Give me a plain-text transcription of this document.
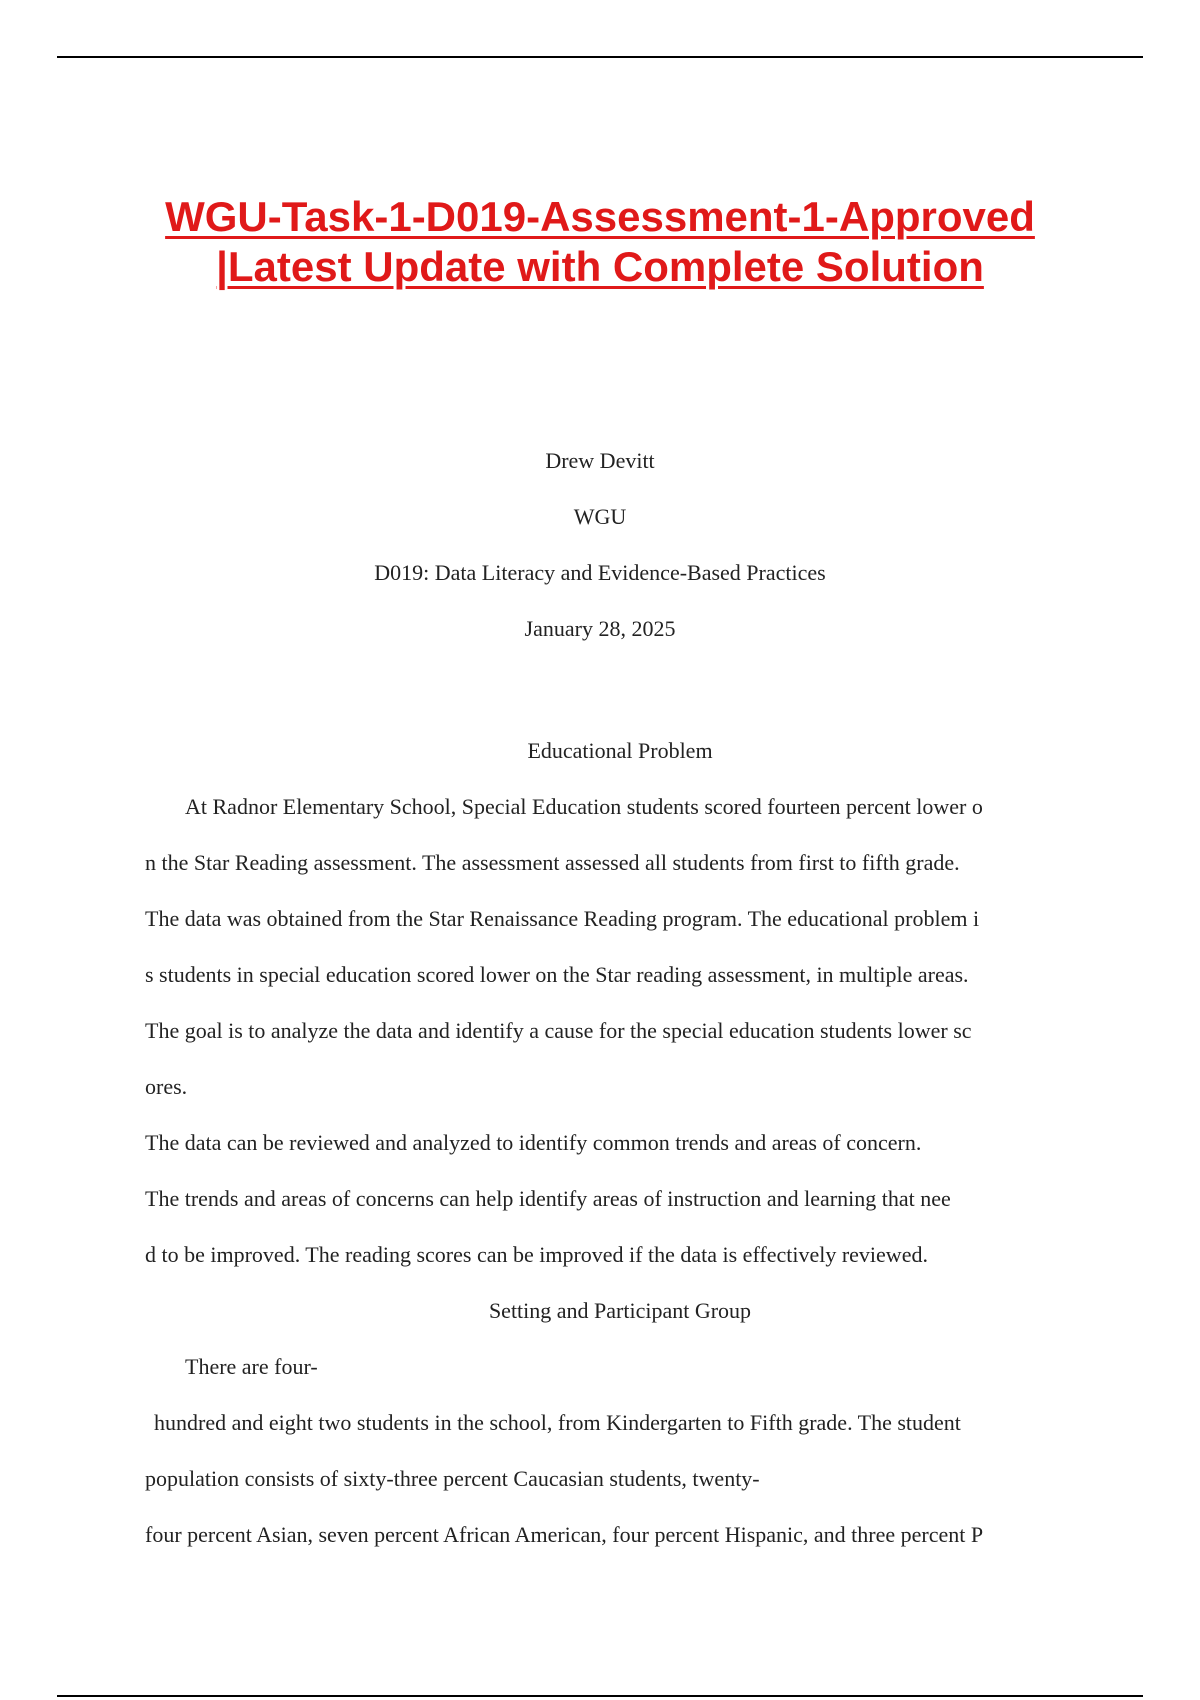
WGU-Task-1-D019-Assessment-1-Approved
|Latest Update with Complete Solution
Drew Devitt
WGU
D019: Data Literacy and Evidence-Based Practices
January 28, 2025
Educational Problem
At Radnor Elementary School, Special Education students scored fourteen percent lower o
n the Star Reading assessment. The assessment assessed all students from first to fifth grade.
The data was obtained from the Star Renaissance Reading program. The educational problem i
s students in special education scored lower on the Star reading assessment, in multiple areas.
The goal is to analyze the data and identify a cause for the special education students lower sc
ores.
The data can be reviewed and analyzed to identify common trends and areas of concern.
The trends and areas of concerns can help identify areas of instruction and learning that nee
d to be improved. The reading scores can be improved if the data is effectively reviewed.
Setting and Participant Group
There are four-
hundred and eight two students in the school, from Kindergarten to Fifth grade. The student
population consists of sixty-three percent Caucasian students, twenty-
four percent Asian, seven percent African American, four percent Hispanic, and three percent P
